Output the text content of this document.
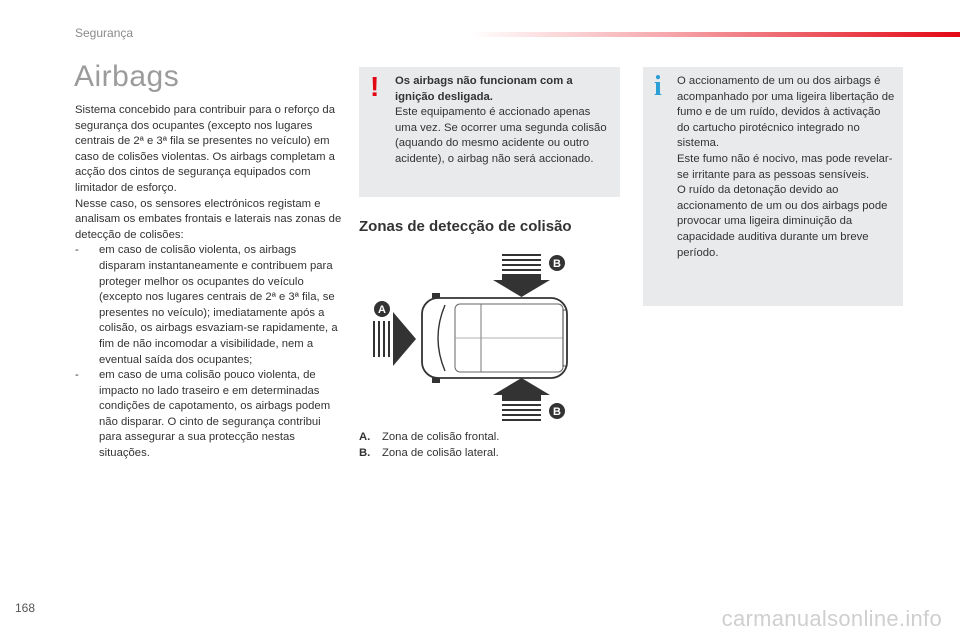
Segurança
Airbags

Sistema concebido para contribuir para o reforço da segurança dos ocupantes (excepto nos lugares centrais de 2ª e 3ª fila se presentes no veículo) em caso de colisões violentas. Os airbags completam a acção dos cintos de segurança equipados com limitador de esforço.

Nesse caso, os sensores electrónicos registam e analisam os embates frontais e laterais nas zonas de detecção de colisões:

- em caso de colisão violenta, os airbags disparam instantaneamente e contribuem para proteger melhor os ocupantes do veículo (excepto nos lugares centrais de 2ª e 3ª fila, se presentes no veículo); imediatamente após a colisão, os airbags esvaziam-se rapidamente, a fim de não incomodar a visibilidade, nem a eventual saída dos ocupantes;
- em caso de uma colisão pouco violenta, de impacto no lado traseiro e em determinadas condições de capotamento, os airbags podem não disparar. O cinto de segurança contribui para assegurar a sua protecção nestas situações.
! Os airbags não funcionam com a ignição desligada.
Este equipamento é accionado apenas uma vez. Se ocorrer uma segunda colisão (aquando do mesmo acidente ou outro acidente), o airbag não será accionado.
Zonas de detecção de colisão
B
B
A
A.	Zona de colisão frontal.
B.	Zona de colisão lateral.
i O accionamento de um ou dos airbags é acompanhado por uma ligeira libertação de fumo e de um ruído, devidos à activação do cartucho pirotécnico integrado no sistema.

Este fumo não é nocivo, mas pode revelar-se irritante para as pessoas sensíveis.

O ruído da detonação devido ao accionamento de um ou dos airbags pode provocar uma ligeira diminuição da capacidade auditiva durante um breve período.

168	carmanualsonline.info
